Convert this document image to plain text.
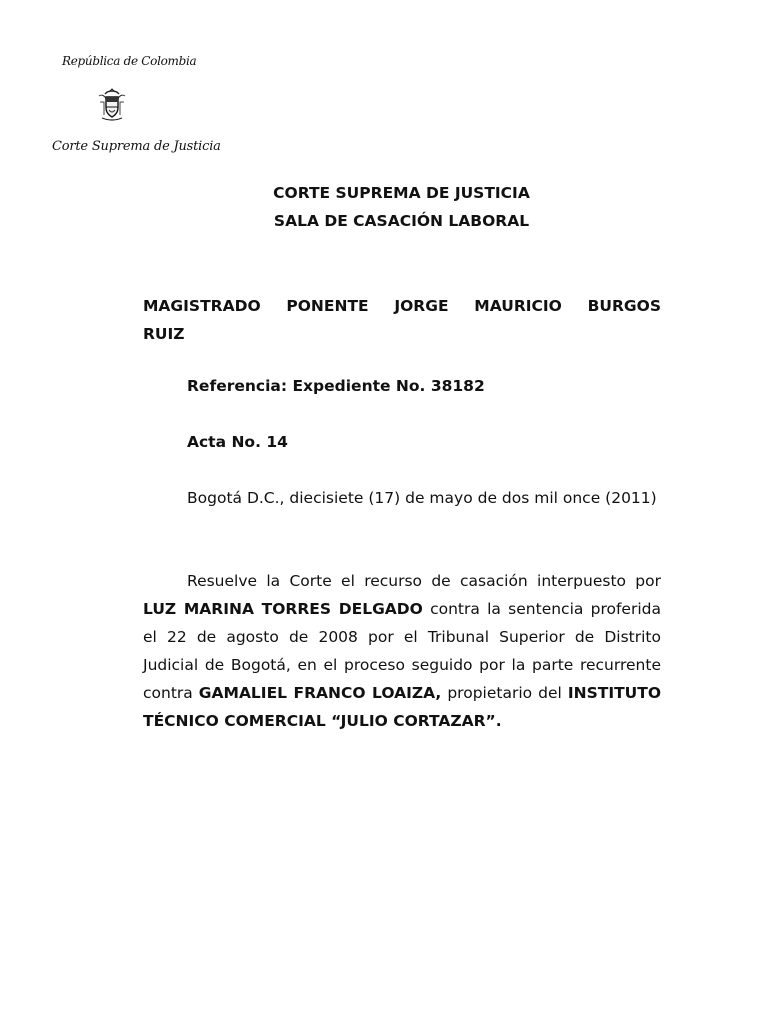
República de Colombia
Corte Suprema de Justicia
CORTE SUPREMA DE JUSTICIA
SALA DE CASACIÓN LABORAL
MAGISTRADO PONENTE JORGE MAURICIO BURGOS RUIZ
Referencia: Expediente No. 38182
Acta No. 14
Bogotá D.C., diecisiete (17) de mayo de dos mil once (2011)
Resuelve la Corte el recurso de casación interpuesto por LUZ MARINA TORRES DELGADO contra la sentencia proferida el 22 de agosto de 2008 por el Tribunal Superior de Distrito Judicial de Bogotá, en el proceso seguido por la parte recurrente contra GAMALIEL FRANCO LOAIZA, propietario del INSTITUTO TÉCNICO COMERCIAL “JULIO CORTAZAR”.
